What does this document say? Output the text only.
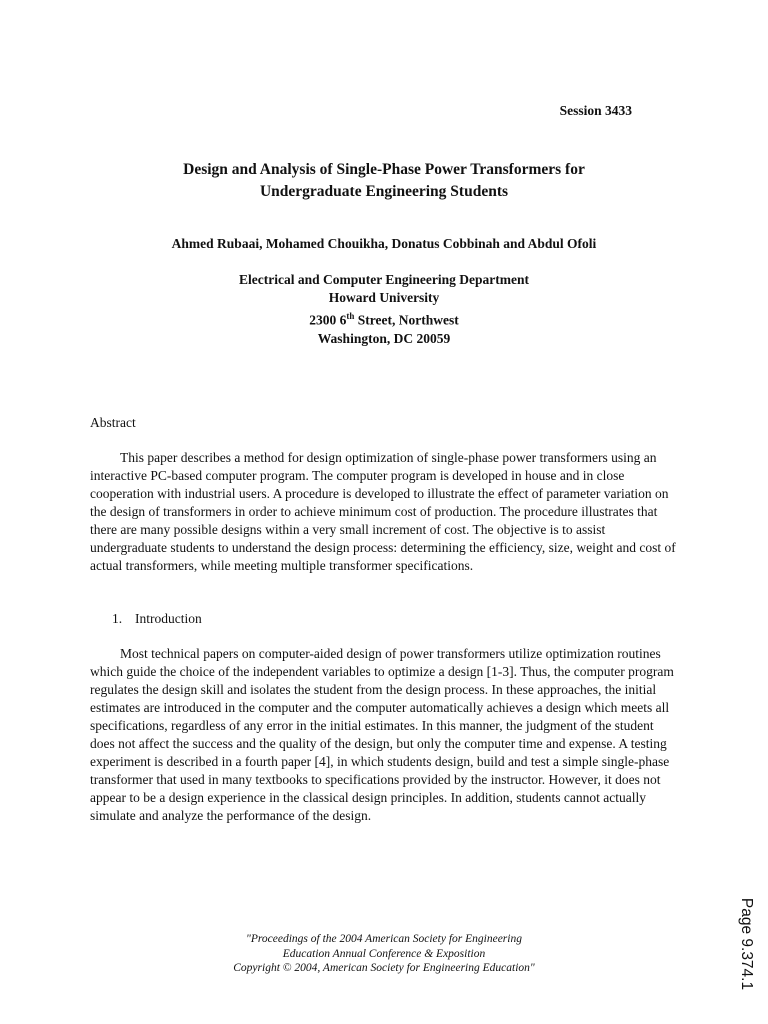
Session 3433
Design and Analysis of Single-Phase Power Transformers for
Undergraduate Engineering Students
Ahmed Rubaai, Mohamed Chouikha, Donatus Cobbinah and Abdul Ofoli
Electrical and Computer Engineering Department
Howard University
2300 6th Street, Northwest
Washington, DC 20059
Abstract
This paper describes a method for design optimization of single-phase power transformers using an interactive PC-based computer program. The computer program is developed in house and in close cooperation with industrial users. A procedure is developed to illustrate the effect of parameter variation on the design of transformers in order to achieve minimum cost of production. The procedure illustrates that there are many possible designs within a very small increment of cost. The objective is to assist undergraduate students to understand the design process: determining the efficiency, size, weight and cost of actual transformers, while meeting multiple transformer specifications.
1. Introduction
Most technical papers on computer-aided design of power transformers utilize optimization routines which guide the choice of the independent variables to optimize a design [1-3]. Thus, the computer program regulates the design skill and isolates the student from the design process. In these approaches, the initial estimates are introduced in the computer and the computer automatically achieves a design which meets all specifications, regardless of any error in the initial estimates. In this manner, the judgment of the student does not affect the success and the quality of the design, but only the computer time and expense. A testing experiment is described in a fourth paper [4], in which students design, build and test a simple single-phase transformer that used in many textbooks to specifications provided by the instructor. However, it does not appear to be a design experience in the classical design principles. In addition, students cannot actually simulate and analyze the performance of the design.
"Proceedings of the 2004 American Society for Engineering
Education Annual Conference & Exposition
Copyright © 2004, American Society for Engineering Education"	Page 9.374.1
